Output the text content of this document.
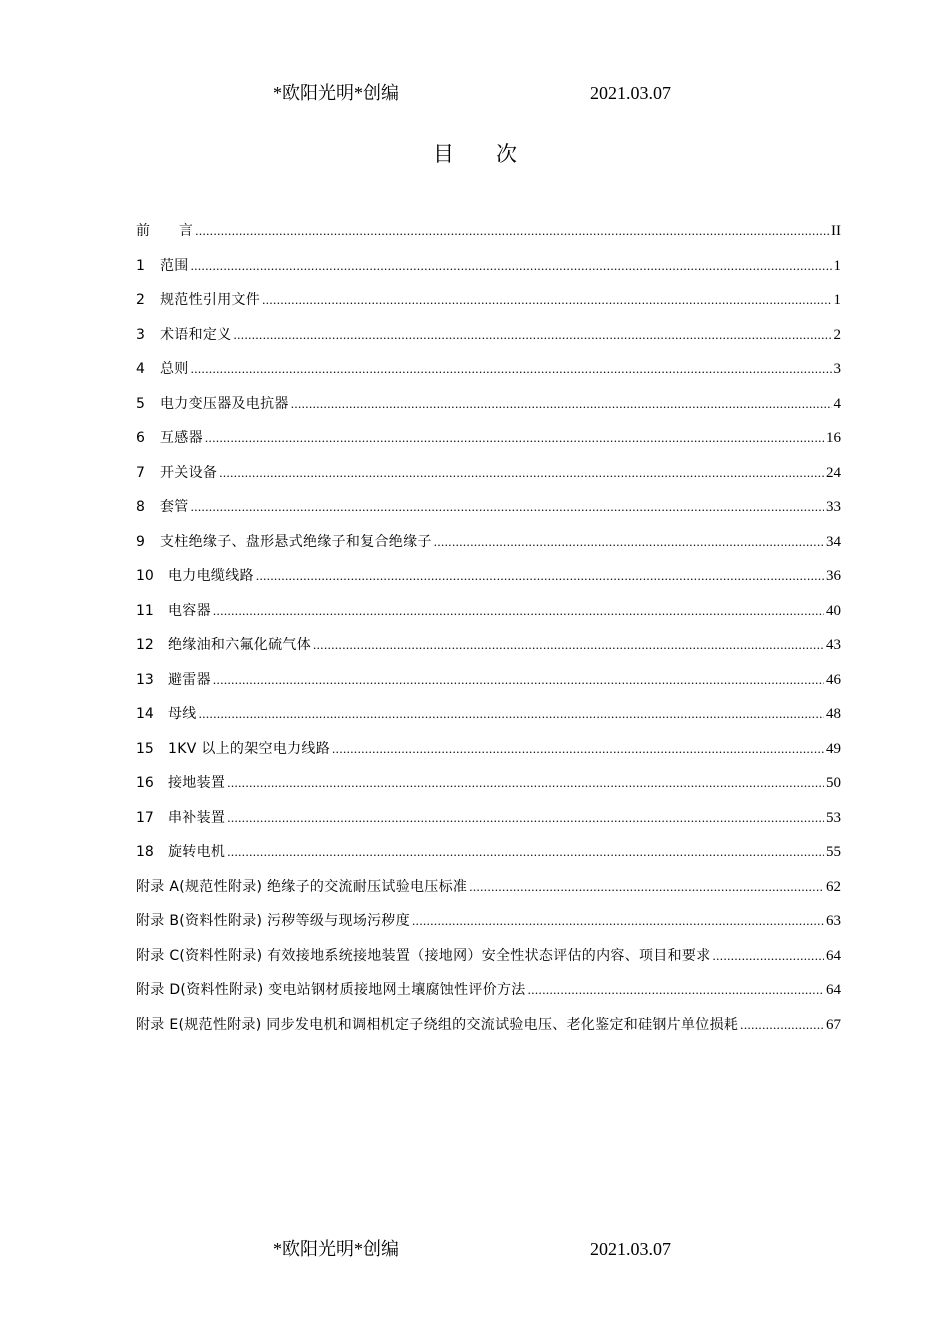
*欧阳光明*创编	2021.03.07
目　　次
前　　言 .....	II
1	范围 .....	1
2	规范性引用文件 .....	1
3	术语和定义 .....	2
4	总则 .....	3
5	电力变压器及电抗器 .....	4
6	互感器 .....	16
7	开关设备 .....	24
8	套管 .....	33
9	支柱绝缘子、盘形悬式绝缘子和复合绝缘子 .....	34
10	电力电缆线路 .....	36
11	电容器 .....	40
12	绝缘油和六氟化硫气体 .....	43
13	避雷器 .....	46
14	母线 .....	48
15	1KV 以上的架空电力线路 .....	49
16	接地装置 .....	50
17	串补装置 .....	53
18	旋转电机 .....	55
附录 A(规范性附录) 绝缘子的交流耐压试验电压标准 .....	62
附录 B(资料性附录) 污秽等级与现场污秽度 .....	63
附录 C(资料性附录) 有效接地系统接地装置（接地网）安全性状态评估的内容、项目和要求 .....	64
附录 D(资料性附录) 变电站钢材质接地网土壤腐蚀性评价方法 .....	64
附录 E(规范性附录) 同步发电机和调相机定子绕组的交流试验电压、老化鉴定和硅钢片单位损耗 .....	67
*欧阳光明*创编	2021.03.07
